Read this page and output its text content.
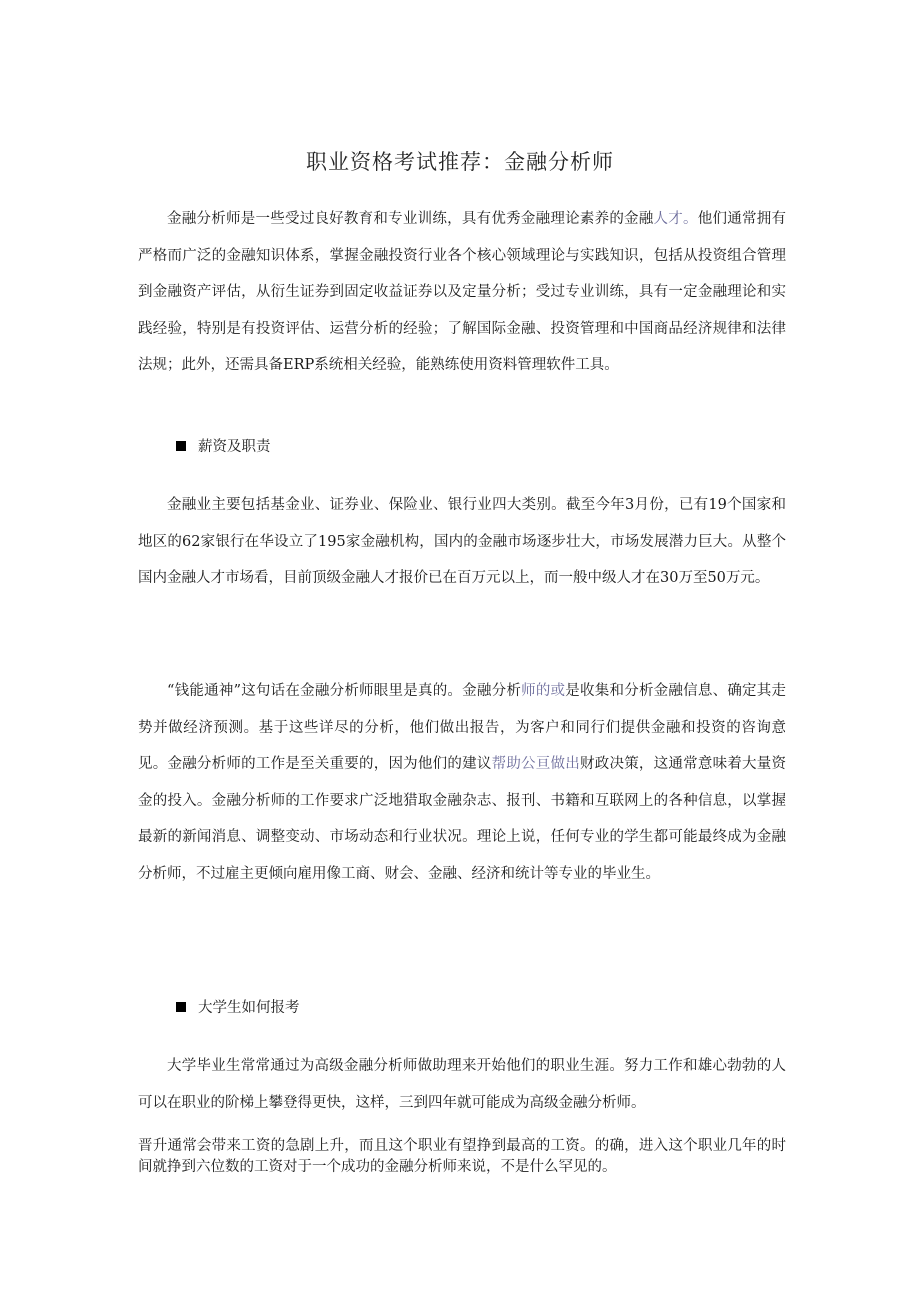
职业资格考试推荐：金融分析师

金融分析师是一些受过良好教育和专业训练，具有优秀金融理论素养的金融人才。他们通常拥有严格而广泛的金融知识体系，掌握金融投资行业各个核心领域理论与实践知识，包括从投资组合管理到金融资产评估，从衍生证券到固定收益证券以及定量分析；受过专业训练，具有一定金融理论和实践经验，特别是有投资评估、运营分析的经验；了解国际金融、投资管理和中国商品经济规律和法律法规；此外，还需具备ERP系统相关经验，能熟练使用资料管理软件工具。

薪资及职责

金融业主要包括基金业、证券业、保险业、银行业四大类别。截至今年3月份，已有19个国家和地区的62家银行在华设立了195家金融机构，国内的金融市场逐步壮大，市场发展潜力巨大。从整个国内金融人才市场看，目前顶级金融人才报价已在百万元以上，而一般中级人才在30万至50万元。

“钱能通神”这句话在金融分析师眼里是真的。金融分析师的或是收集和分析金融信息、确定其走势并做经济预测。基于这些详尽的分析，他们做出报告，为客户和同行们提供金融和投资的咨询意见。金融分析师的工作是至关重要的，因为他们的建议帮助公亘做出财政决策，这通常意味着大量资金的投入。金融分析师的工作要求广泛地猎取金融杂志、报刊、书籍和互联网上的各种信息，以掌握最新的新闻消息、调整变动、市场动态和行业状况。理论上说，任何专业的学生都可能最终成为金融分析师，不过雇主更倾向雇用像工商、财会、金融、经济和统计等专业的毕业生。

大学生如何报考

大学毕业生常常通过为高级金融分析师做助理来开始他们的职业生涯。努力工作和雄心勃勃的人可以在职业的阶梯上攀登得更快，这样，三到四年就可能成为高级金融分析师。

晋升通常会带来工资的急剧上升，而且这个职业有望挣到最高的工资。的确，进入这个职业几年的时间就挣到六位数的工资对于一个成功的金融分析师来说，不是什么罕见的。
